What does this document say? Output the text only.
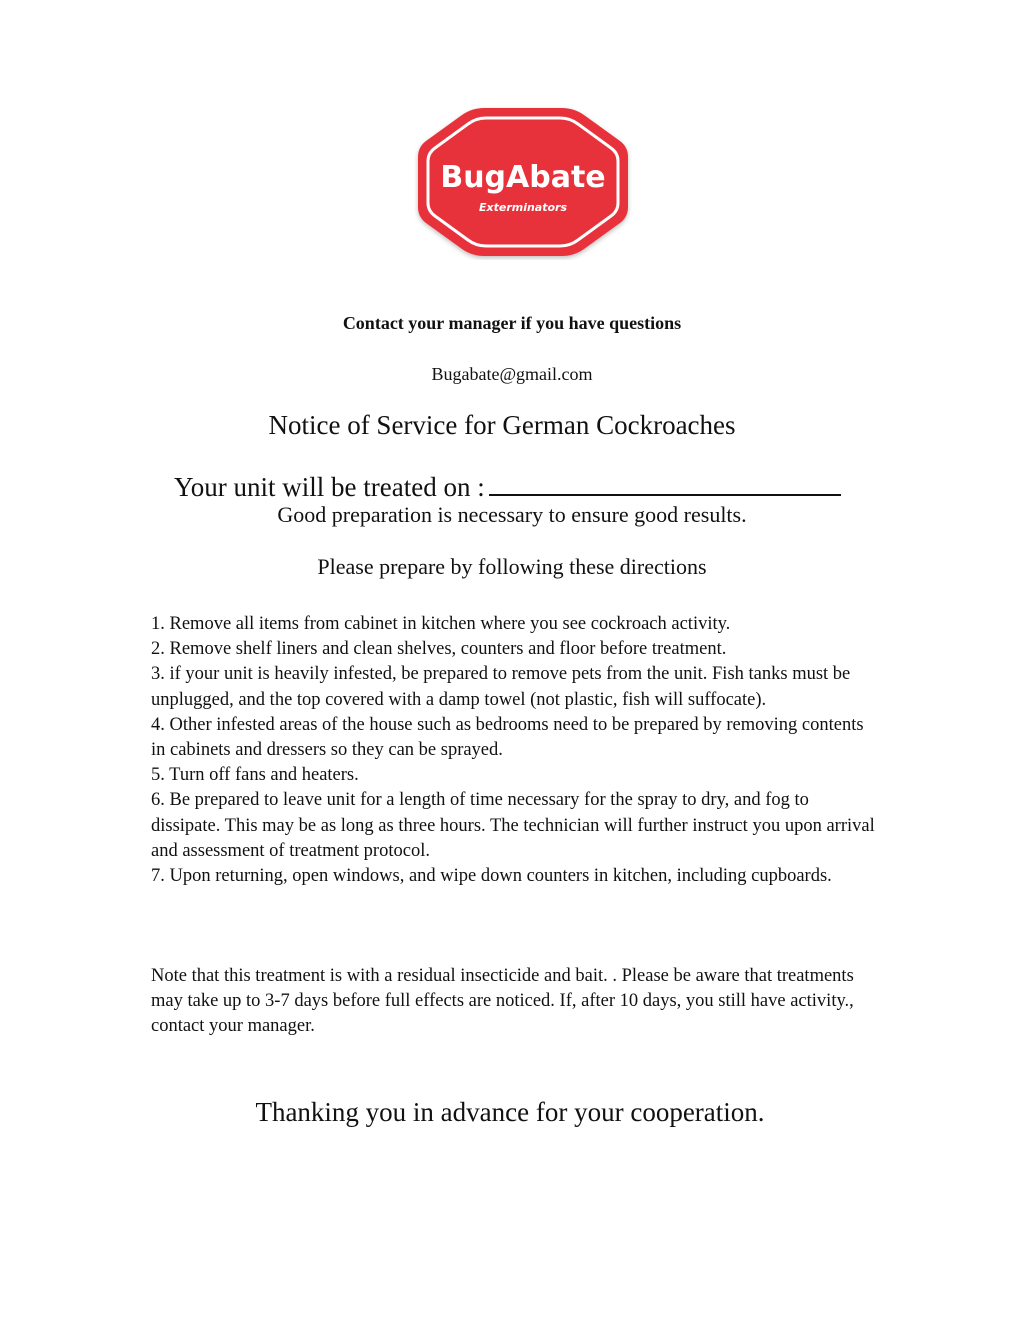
BugAbate
Exterminators
Contact your manager if you have questions
Bugabate@gmail.com
Notice of Service for German Cockroaches
Your unit will be treated on :
Good preparation is necessary to ensure good results.
Please prepare by following these directions

1. Remove all items from cabinet in kitchen where you see cockroach activity.

2. Remove shelf liners and clean shelves, counters and floor before treatment.

3. if your unit is heavily infested, be prepared to remove pets from the unit. Fish tanks must be unplugged, and the top covered with a damp towel (not plastic, fish will suffocate).

4. Other infested areas of the house such as bedrooms need to be prepared by removing contents in cabinets and dressers so they can be sprayed.

5. Turn off fans and heaters.

6. Be prepared to leave unit for a length of time necessary for the spray to dry, and fog to dissipate. This may be as long as three hours. The technician will further instruct you upon arrival and assessment of treatment protocol.

7. Upon returning, open windows, and wipe down counters in kitchen, including cupboards.

Note that this treatment is with a residual insecticide and bait. . Please be aware that treatments may take up to 3-7 days before full effects are noticed. If, after 10 days, you still have activity., contact your manager.

Thanking you in advance for your cooperation.
